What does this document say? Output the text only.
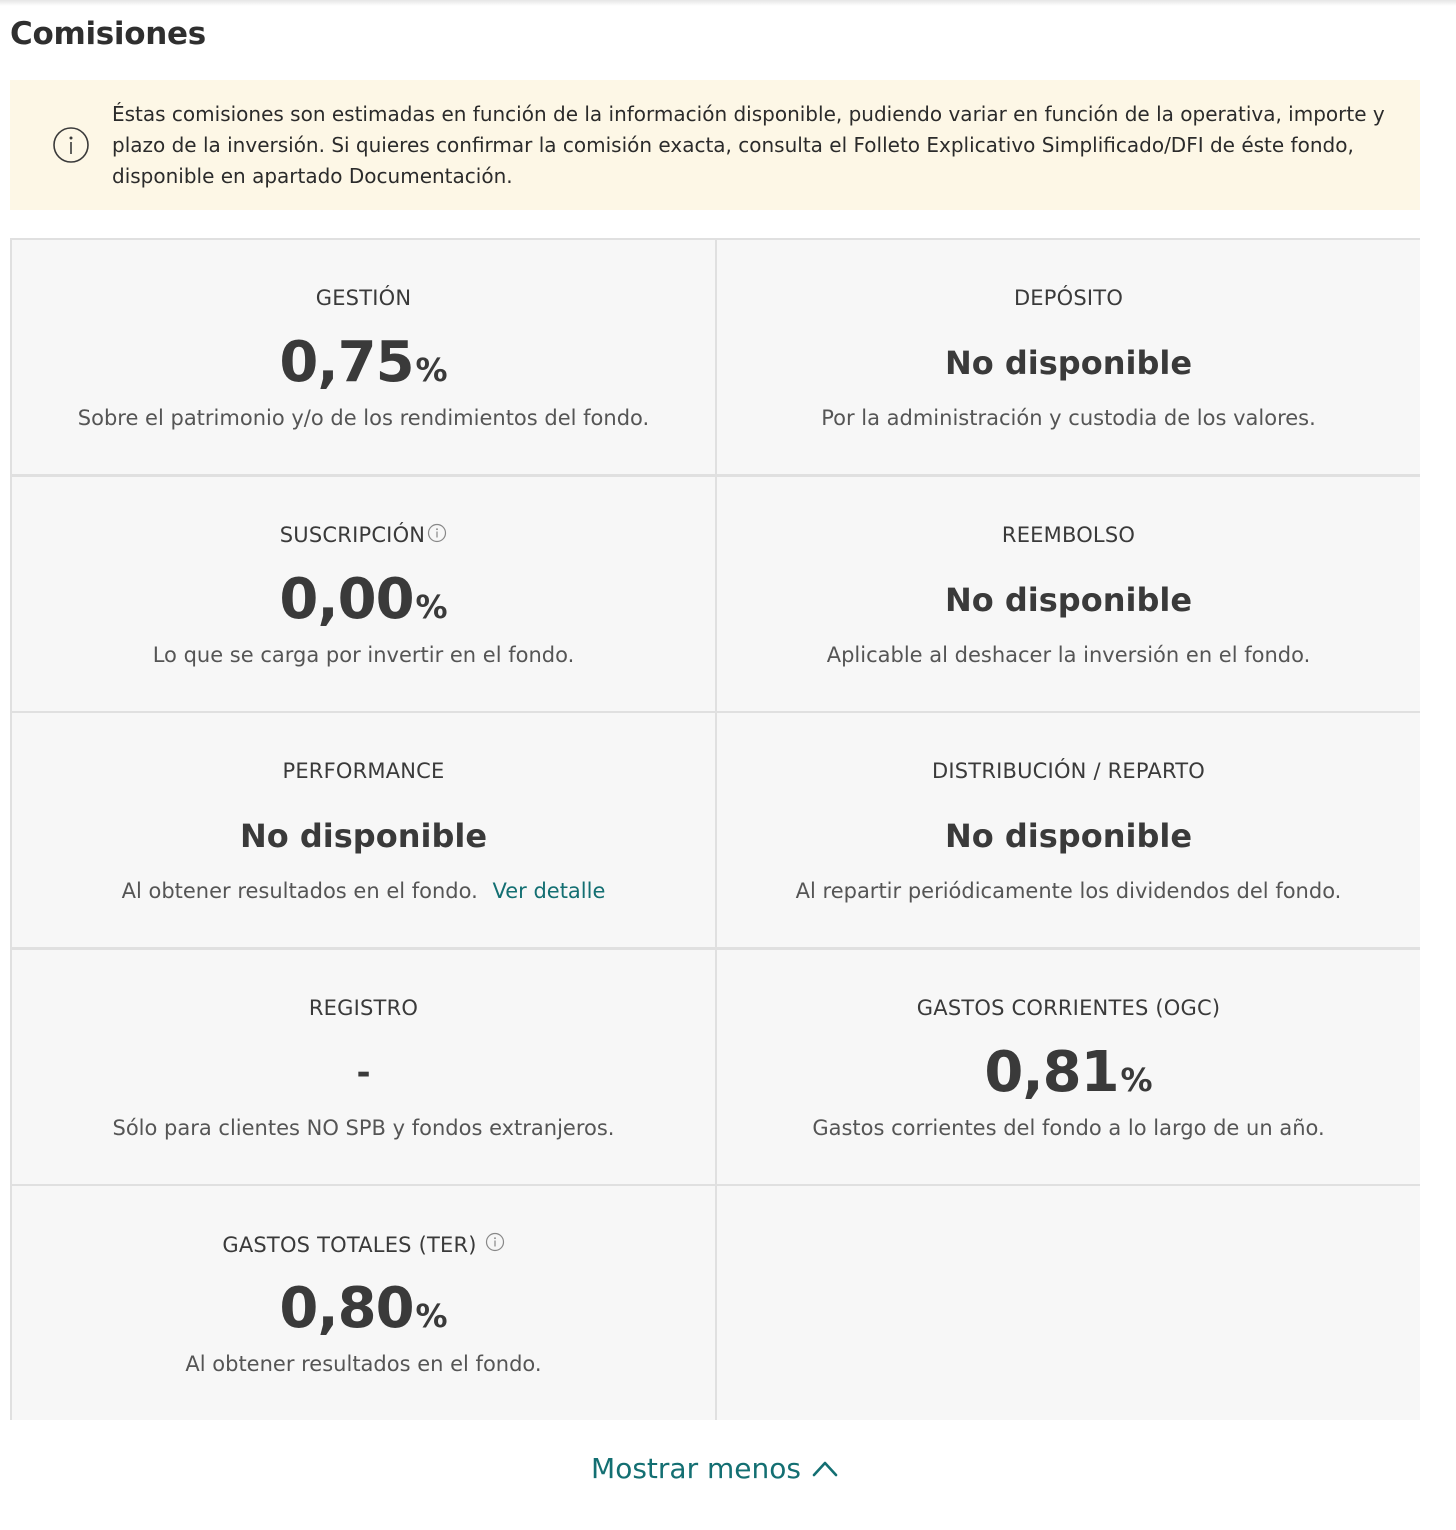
Comisiones

Éstas comisiones son estimadas en función de la información disponible, pudiendo variar en función de la operativa, importe y plazo de la inversión. Si quieres confirmar la comisión exacta, consulta el Folleto Explicativo Simplificado/DFI de éste fondo, disponible en apartado Documentación.

GESTIÓN
0,75 %
Sobre el patrimonio y/o de los rendimientos del fondo.
DEPÓSITO
No disponible
Por la administración y custodia de los valores.
SUSCRIPCIÓN
0,00 %
Lo que se carga por invertir en el fondo.
REEMBOLSO
No disponible
Aplicable al deshacer la inversión en el fondo.
PERFORMANCE
No disponible
Al obtener resultados en el fondo. Ver detalle
DISTRIBUCIÓN / REPARTO
No disponible
Al repartir periódicamente los dividendos del fondo.
REGISTRO
-
Sólo para clientes NO SPB y fondos extranjeros.
GASTOS CORRIENTES (OGC)
0,81 %
Gastos corrientes del fondo a lo largo de un año.
GASTOS TOTALES (TER)
0,80 %
Al obtener resultados en el fondo.
Mostrar menos
